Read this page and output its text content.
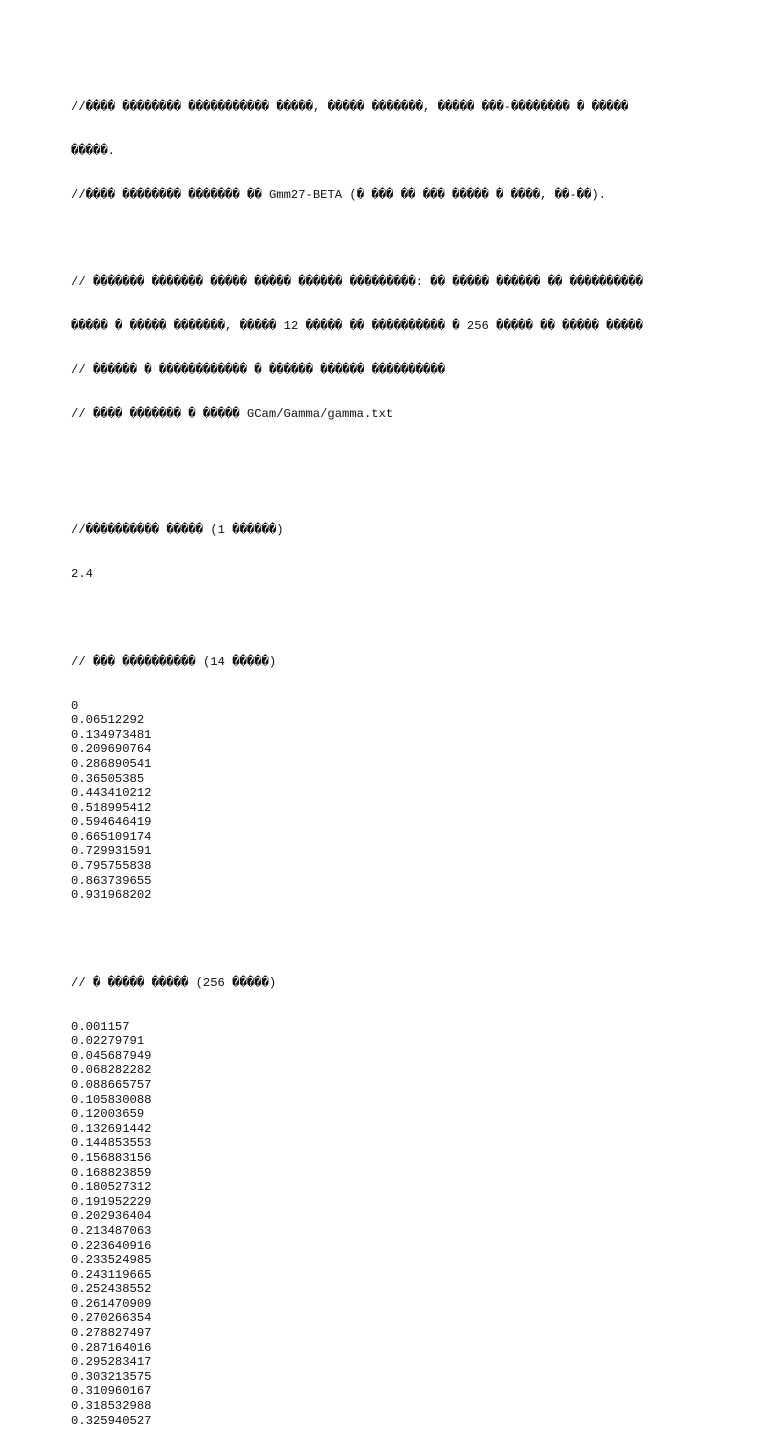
//���� �������� ����������� �����, ����� �������, ����� ���-�������� � �����

�����.

//���� �������� ������� �� Gmm27-BETA (� ��� �� ��� ����� � ����, ��-��).

// ������� ������� ����� ����� ������ ���������: �� ����� ������ �� ����������

����� � ����� �������, ����� 12 ����� �� ���������� � 256 ����� �� ����� �����

// ������ � ������������ � ������ ������ ����������

// ���� ������� � ����� GCam/Gamma/gamma.txt

//���������� ����� (1 ������)

2.4

// ��� ���������� (14 �����)

0
0.06512292
0.134973481
0.209690764
0.286890541
0.36505385
0.443410212
0.518995412
0.594646419
0.665109174
0.729931591
0.795755838
0.863739655
0.931968202

// � ����� ����� (256 �����)

0.001157
0.02279791
0.045687949
0.068282282
0.088665757
0.105830088
0.12003659
0.132691442
0.144853553
0.156883156
0.168823859
0.180527312
0.191952229
0.202936404
0.213487063
0.223640916
0.233524985
0.243119665
0.252438552
0.261470909
0.270266354
0.278827497
0.287164016
0.295283417
0.303213575
0.310960167
0.318532988
0.325940527
